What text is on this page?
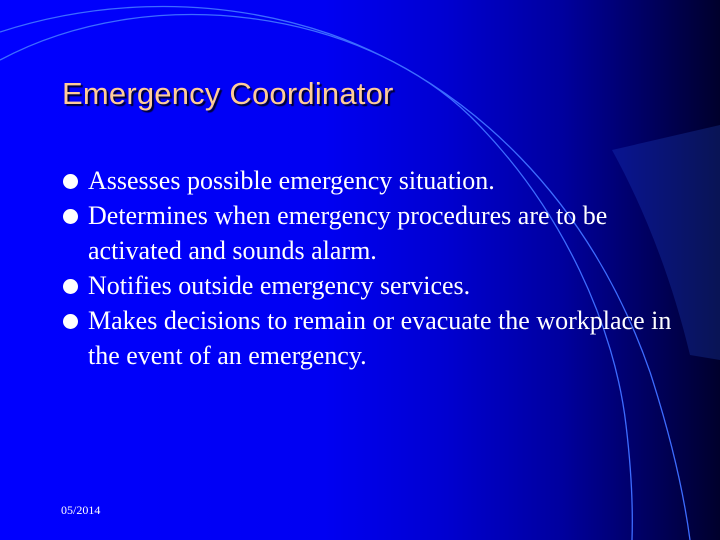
Emergency Coordinator
Assesses possible emergency situation.
Determines when emergency procedures are to be activated and sounds alarm.
Notifies outside emergency services.
Makes decisions to remain or evacuate the workplace in the event of an emergency.
05/2014
